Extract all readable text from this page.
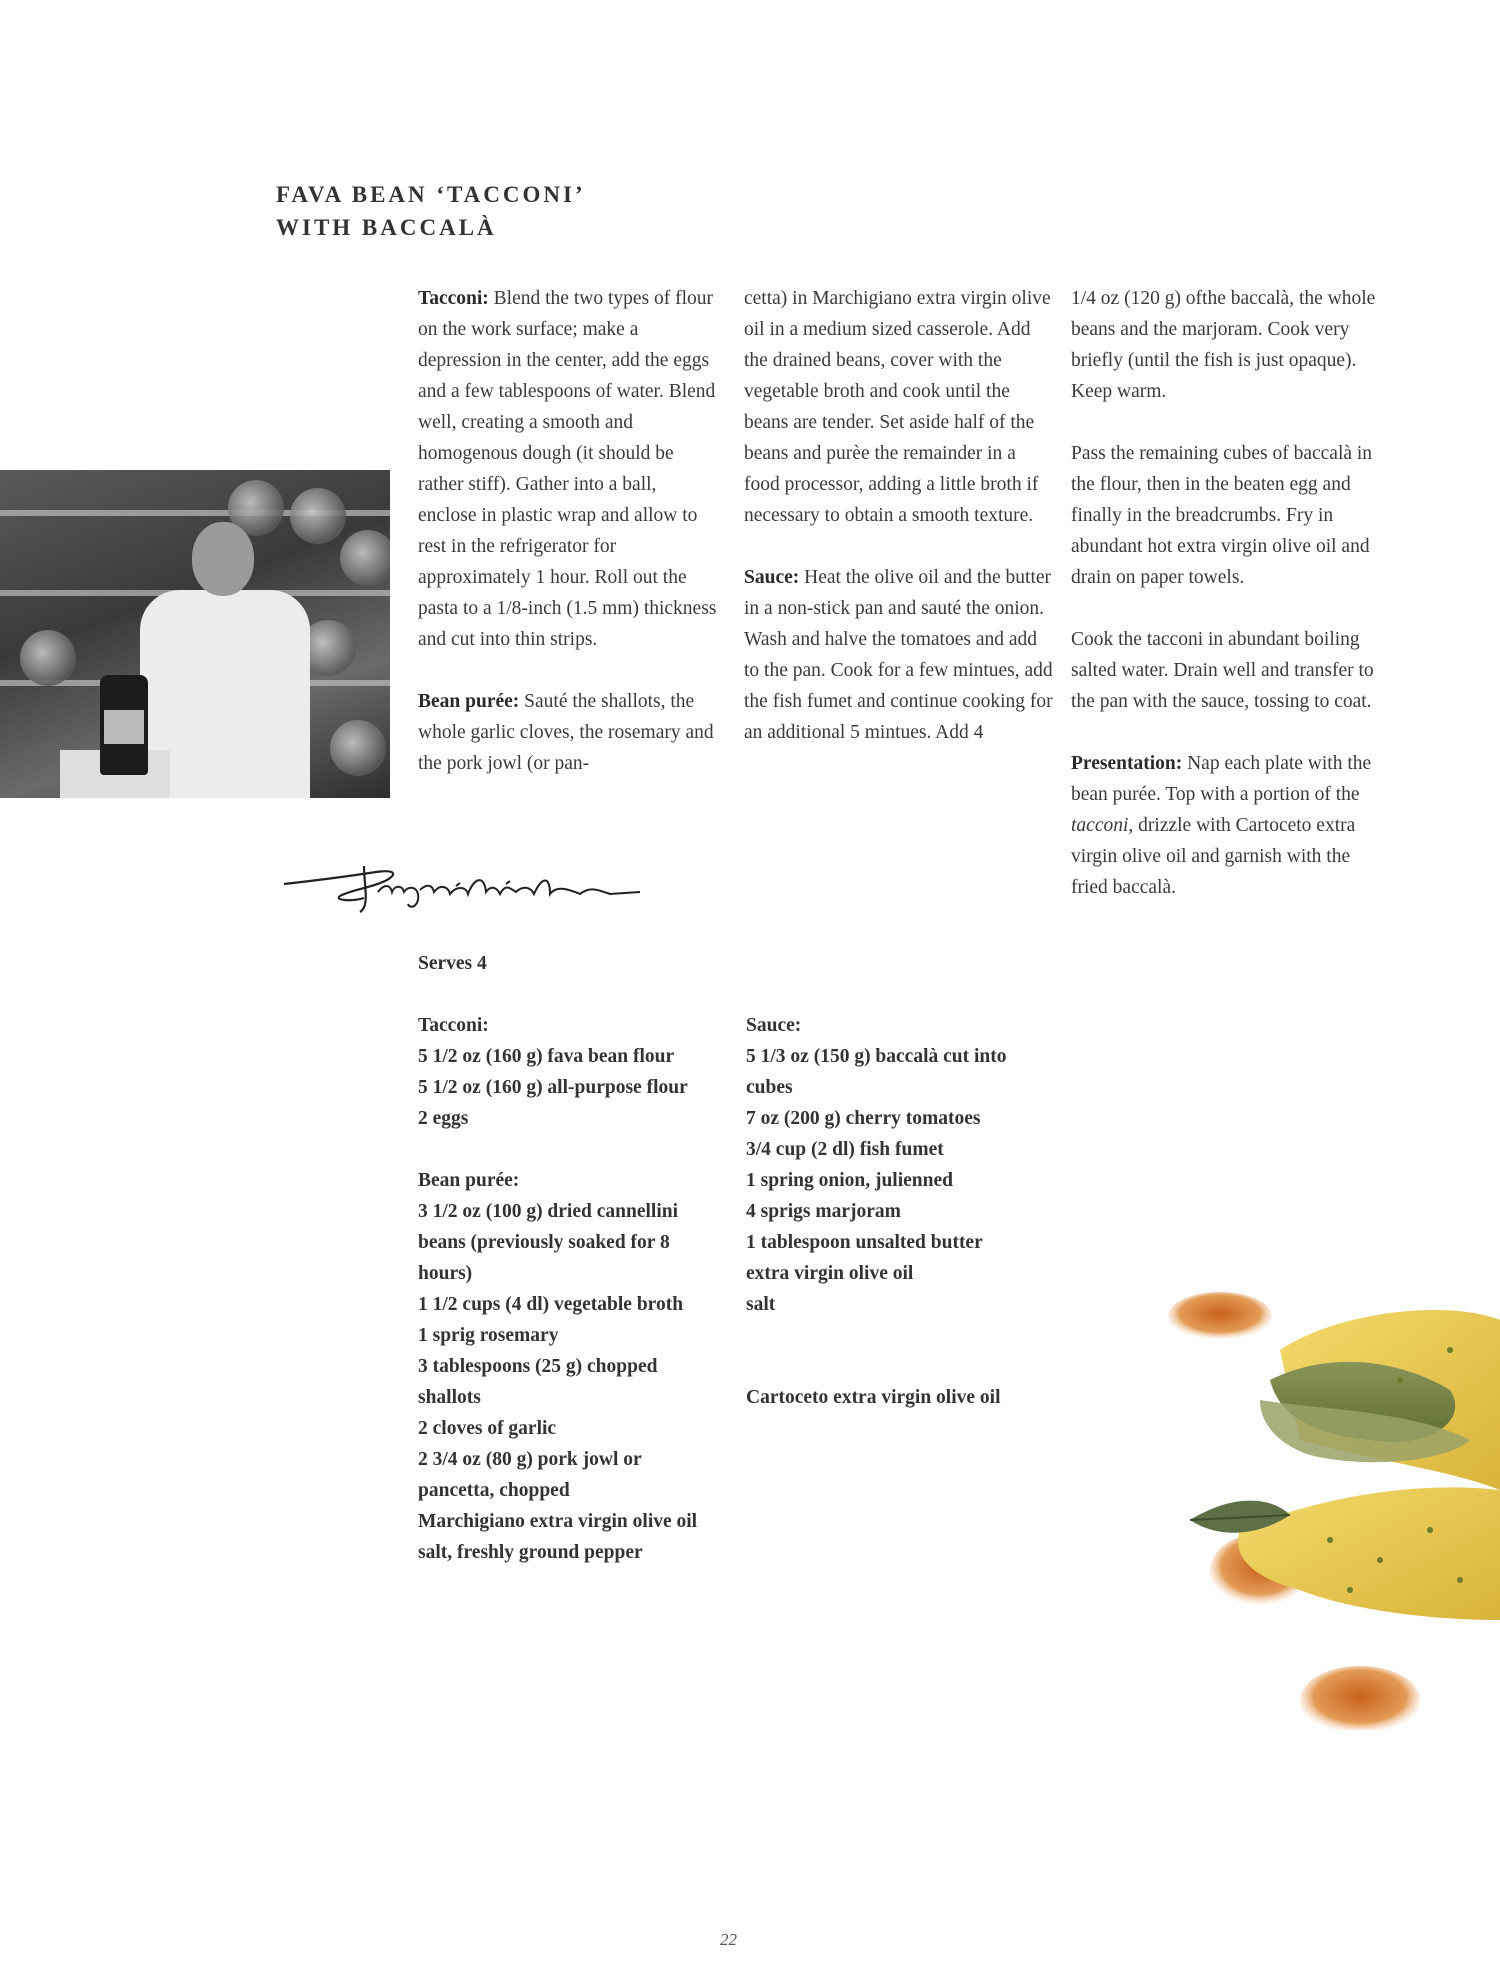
FAVA BEAN ‘TACCONI’
WITH BACCALÀ

Tacconi: Blend the two types of flour on the work surface; make a depression in the center, add the eggs and a few tablespoons of water. Blend well, creating a smooth and homogenous dough (it should be rather stiff). Gather into a ball, enclose in plastic wrap and allow to rest in the refrigerator for approximately 1 hour. Roll out the pasta to a 1/8-inch (1.5 mm) thickness and cut into thin strips.

Bean purée: Sauté the shallots, the whole garlic cloves, the rosemary and the pork jowl (or pan-

cetta) in Marchigiano extra virgin olive oil in a medium sized casserole. Add the drained beans, cover with the vegetable broth and cook until the beans are tender. Set aside half of the beans and purèe the remainder in a food processor, adding a little broth if necessary to obtain a smooth texture.

Sauce: Heat the olive oil and the butter in a non-stick pan and sauté the onion. Wash and halve the tomatoes and add to the pan. Cook for a few mintues, add the fish fumet and continue cooking for an additional 5 mintues. Add 4

1/4 oz (120 g) ofthe baccalà, the whole beans and the marjoram. Cook very briefly (until the fish is just opaque). Keep warm.

Pass the remaining cubes of baccalà in the flour, then in the beaten egg and finally in the breadcrumbs. Fry in abundant hot extra virgin olive oil and drain on paper towels.

Cook the tacconi in abundant boiling salted water. Drain well and transfer to the pan with the sauce, tossing to coat.

Presentation: Nap each plate with the bean purée. Top with a portion of the tacconi, drizzle with Cartoceto extra virgin olive oil and garnish with the fried baccalà.

Serves 4
Tacconi:
5 1/2 oz (160 g) fava bean flour
5 1/2 oz (160 g) all-purpose flour
2 eggs
Bean purée:
3 1/2 oz (100 g) dried cannellini beans (previously soaked for 8 hours)
1 1/2 cups (4 dl) vegetable broth
1 sprig rosemary
3 tablespoons (25 g) chopped shallots
2 cloves of garlic
2 3/4 oz (80 g) pork jowl or pancetta, chopped
Marchigiano extra virgin olive oil
salt, freshly ground pepper
Sauce:
5 1/3 oz (150 g) baccalà cut into cubes
7 oz (200 g) cherry tomatoes
3/4 cup (2 dl) fish fumet
1 spring onion, julienned
4 sprigs marjoram
1 tablespoon unsalted butter
extra virgin olive oil
salt
Cartoceto extra virgin olive oil
22
